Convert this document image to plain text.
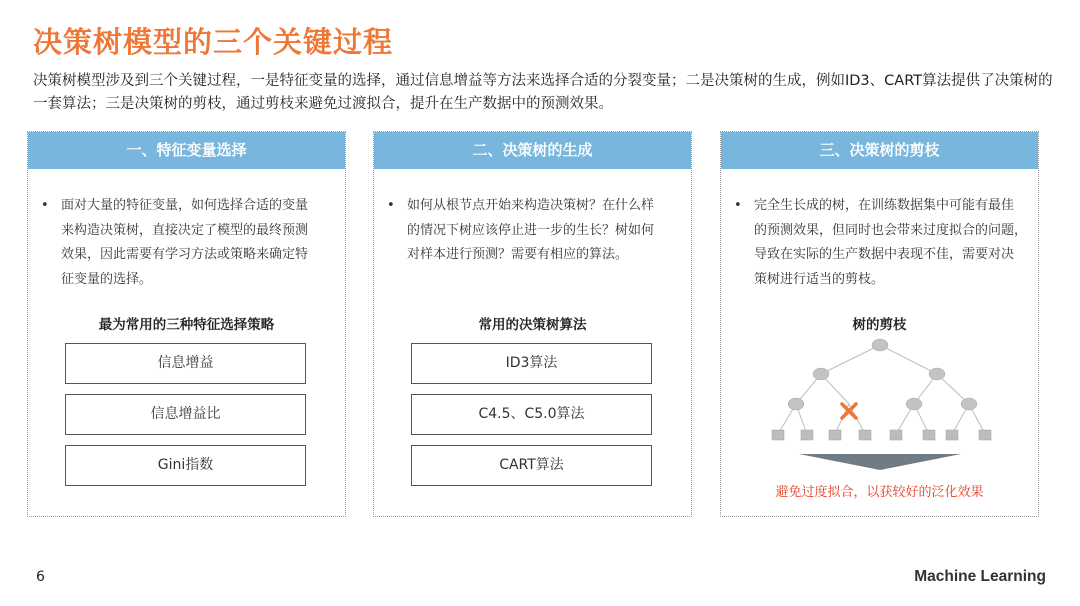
决策树模型的三个关键过程
决策树模型涉及到三个关键过程，一是特征变量的选择，通过信息增益等方法来选择合适的分裂变量；二是决策树的生成，例如ID3、CART算法提供了决策树的一套算法；三是决策树的剪枝，通过剪枝来避免过渡拟合，提升在生产数据中的预测效果。
一、特征变量选择
• 面对大量的特征变量，如何选择合适的变量
来构造决策树，直接决定了模型的最终预测
效果，因此需要有学习方法或策略来确定特
征变量的选择。
最为常用的三种特征选择策略
信息增益
信息增益比
Gini指数
二、决策树的生成
• 如何从根节点开始来构造决策树？在什么样
的情况下树应该停止进一步的生长？树如何
对样本进行预测？需要有相应的算法。
常用的决策树算法
ID3算法
C4.5、C5.0算法
CART算法
三、决策树的剪枝
• 完全生长成的树，在训练数据集中可能有最佳
的预测效果，但同时也会带来过度拟合的问题，
导致在实际的生产数据中表现不佳，需要对决
策树进行适当的剪枝。
树的剪枝
避免过度拟合，以获较好的泛化效果
6	Machine Learning
